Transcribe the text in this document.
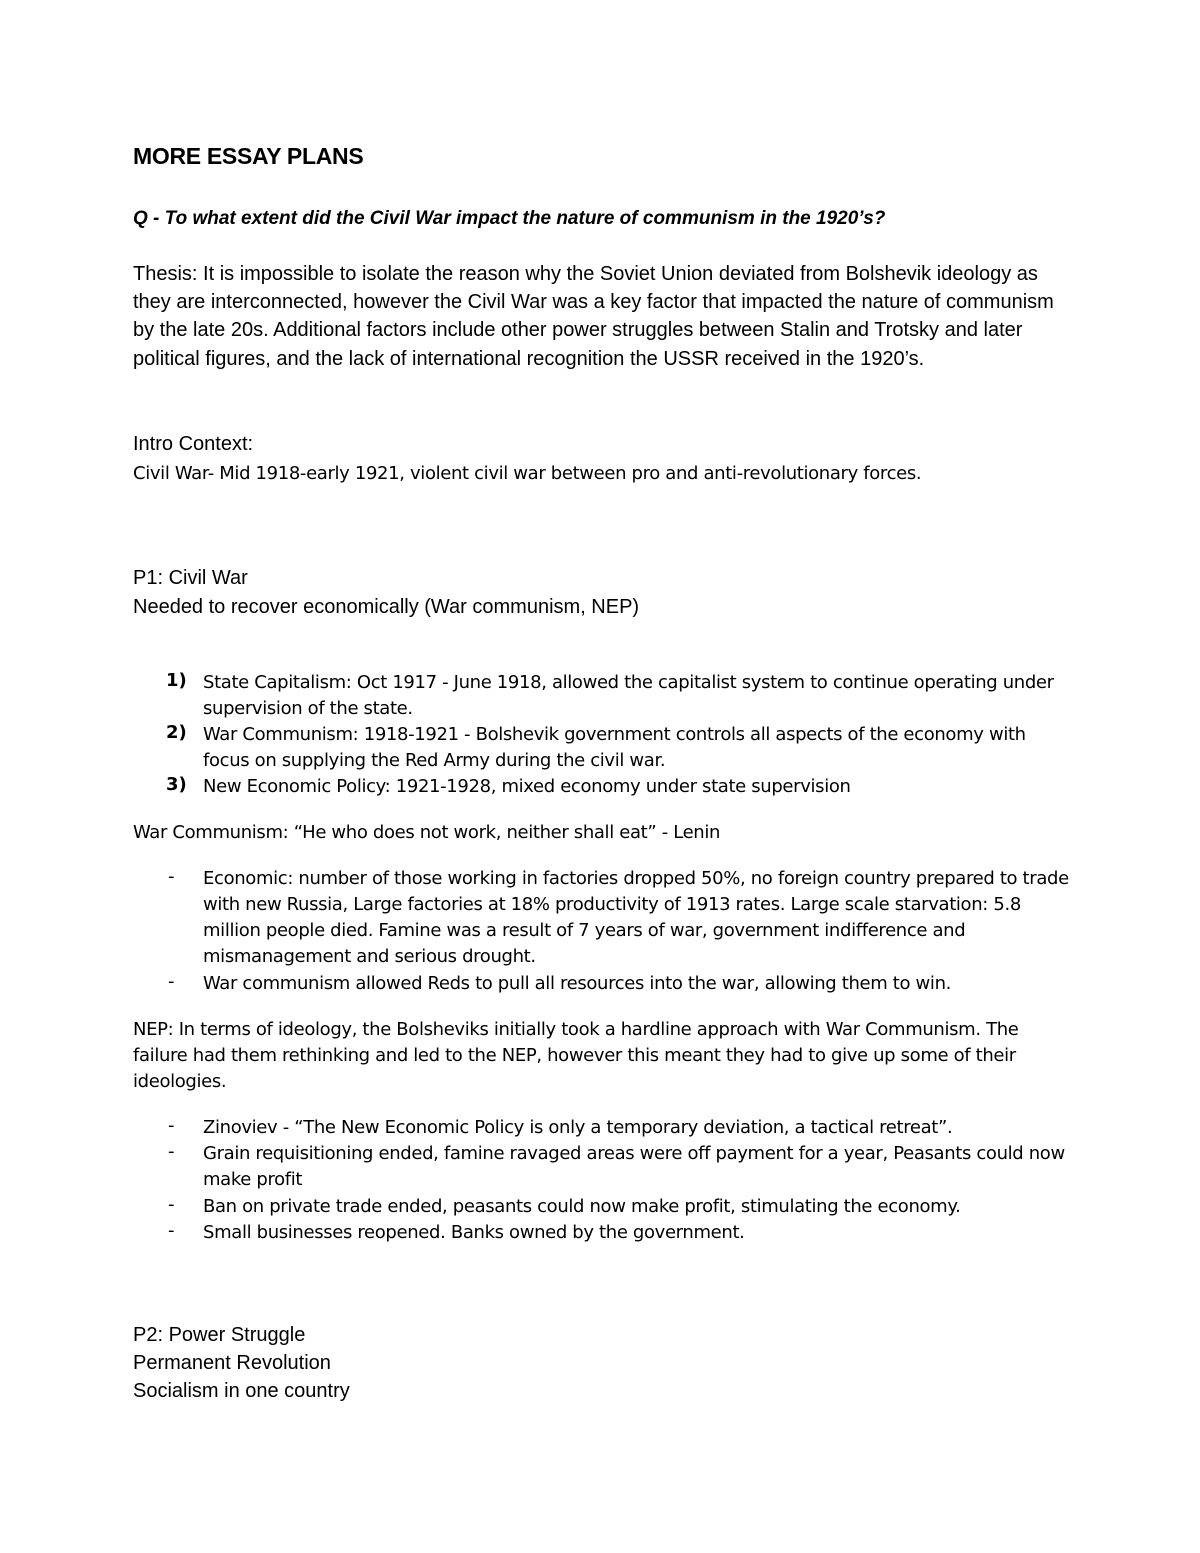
MORE ESSAY PLANS
Q - To what extent did the Civil War impact the nature of communism in the 1920’s?
Thesis: It is impossible to isolate the reason why the Soviet Union deviated from Bolshevik ideology as they are interconnected, however the Civil War was a key factor that impacted the nature of communism by the late 20s. Additional factors include other power struggles between Stalin and Trotsky and later political figures, and the lack of international recognition the USSR received in the 1920’s.
Intro Context:
Civil War- Mid 1918-early 1921, violent civil war between pro and anti-revolutionary forces.
P1: Civil War
Needed to recover economically (War communism, NEP)
1) State Capitalism: Oct 1917 - June 1918, allowed the capitalist system to continue operating under supervision of the state.
2) War Communism: 1918-1921 - Bolshevik government controls all aspects of the economy with focus on supplying the Red Army during the civil war.
3) New Economic Policy: 1921-1928, mixed economy under state supervision
War Communism: “He who does not work, neither shall eat” - Lenin
- Economic: number of those working in factories dropped 50%, no foreign country prepared to trade with new Russia, Large factories at 18% productivity of 1913 rates. Large scale starvation: 5.8 million people died. Famine was a result of 7 years of war, government indifference and mismanagement and serious drought.
- War communism allowed Reds to pull all resources into the war, allowing them to win.
NEP: In terms of ideology, the Bolsheviks initially took a hardline approach with War Communism. The failure had them rethinking and led to the NEP, however this meant they had to give up some of their ideologies.
- Zinoviev - “The New Economic Policy is only a temporary deviation, a tactical retreat”.
- Grain requisitioning ended, famine ravaged areas were off payment for a year, Peasants could now make profit
- Ban on private trade ended, peasants could now make profit, stimulating the economy.
- Small businesses reopened. Banks owned by the government.
P2: Power Struggle
Permanent Revolution
Socialism in one country
